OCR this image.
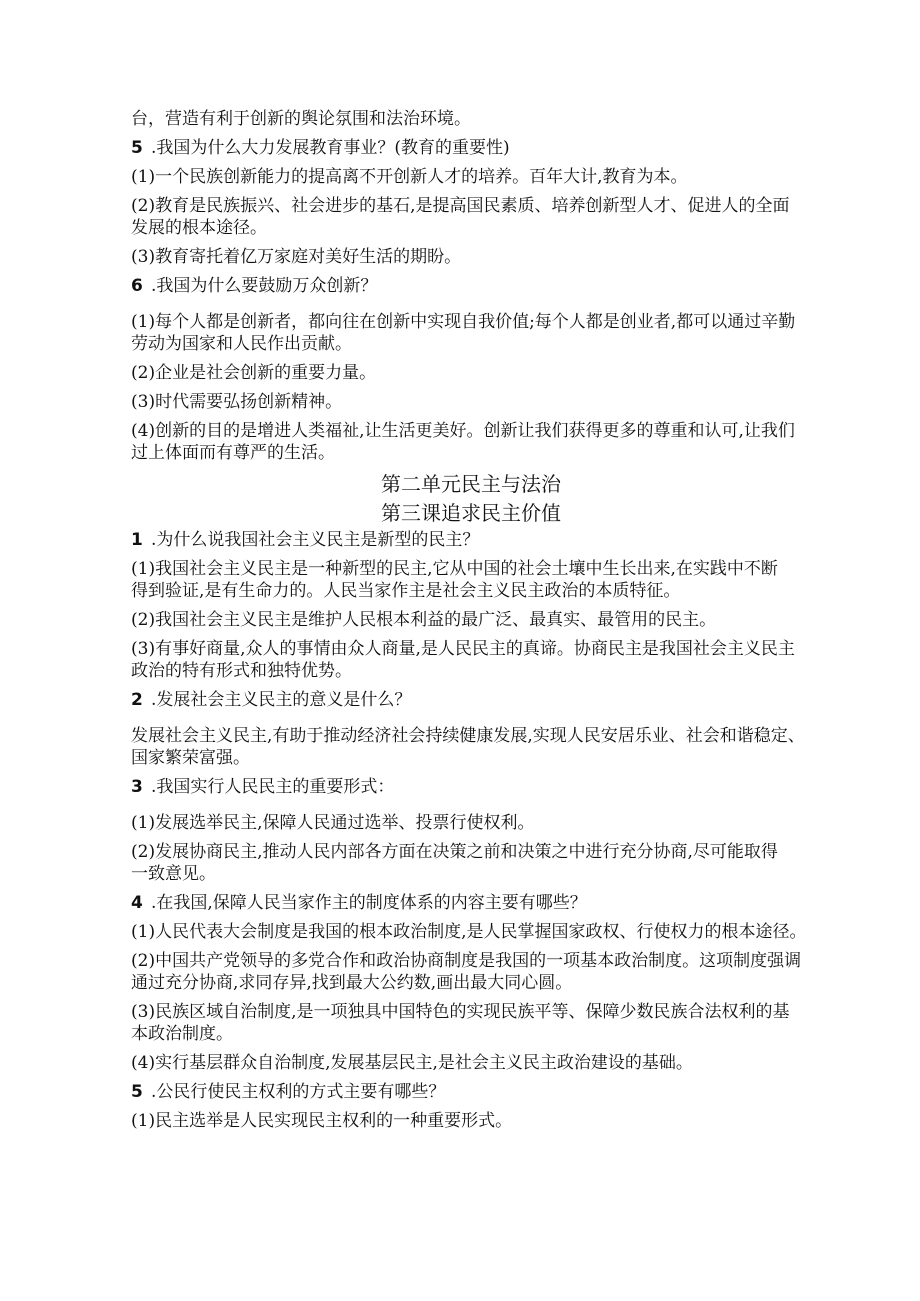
台，营造有利于创新的舆论氛围和法治环境。
5 .我国为什么大力发展教育事业？(教育的重要性)
(1)一个民族创新能力的提高离不开创新人才的培养。百年大计,教育为本。
(2)教育是民族振兴、社会进步的基石,是提高国民素质、培养创新型人才、促进人的全面
发展的根本途径。
(3)教育寄托着亿万家庭对美好生活的期盼。
6 .我国为什么要鼓励万众创新？
(1)每个人都是创新者，都向往在创新中实现自我价值;每个人都是创业者,都可以通过辛勤
劳动为国家和人民作出贡献。
(2)企业是社会创新的重要力量。
(3)时代需要弘扬创新精神。
(4)创新的目的是增进人类福祉,让生活更美好。创新让我们获得更多的尊重和认可,让我们
过上体面而有尊严的生活。
第二单元民主与法治
第三课追求民主价值
1 .为什么说我国社会主义民主是新型的民主？
(1)我国社会主义民主是一种新型的民主,它从中国的社会土壤中生长出来,在实践中不断
得到验证,是有生命力的。人民当家作主是社会主义民主政治的本质特征。
(2)我国社会主义民主是维护人民根本利益的最广泛、最真实、最管用的民主。
(3)有事好商量,众人的事情由众人商量,是人民民主的真谛。协商民主是我国社会主义民主
政治的特有形式和独特优势。
2 .发展社会主义民主的意义是什么？
发展社会主义民主,有助于推动经济社会持续健康发展,实现人民安居乐业、社会和谐稳定、
国家繁荣富强。
3 .我国实行人民民主的重要形式：
(1)发展选举民主,保障人民通过选举、投票行使权利。
(2)发展协商民主,推动人民内部各方面在决策之前和决策之中进行充分协商,尽可能取得
一致意见。
4 .在我国,保障人民当家作主的制度体系的内容主要有哪些？
(1)人民代表大会制度是我国的根本政治制度,是人民掌握国家政权、行使权力的根本途径。
(2)中国共产党领导的多党合作和政治协商制度是我国的一项基本政治制度。这项制度强调
通过充分协商,求同存异,找到最大公约数,画出最大同心圆。
(3)民族区域自治制度,是一项独具中国特色的实现民族平等、保障少数民族合法权利的基
本政治制度。
(4)实行基层群众自治制度,发展基层民主,是社会主义民主政治建设的基础。
5 .公民行使民主权利的方式主要有哪些？
(1)民主选举是人民实现民主权利的一种重要形式。
